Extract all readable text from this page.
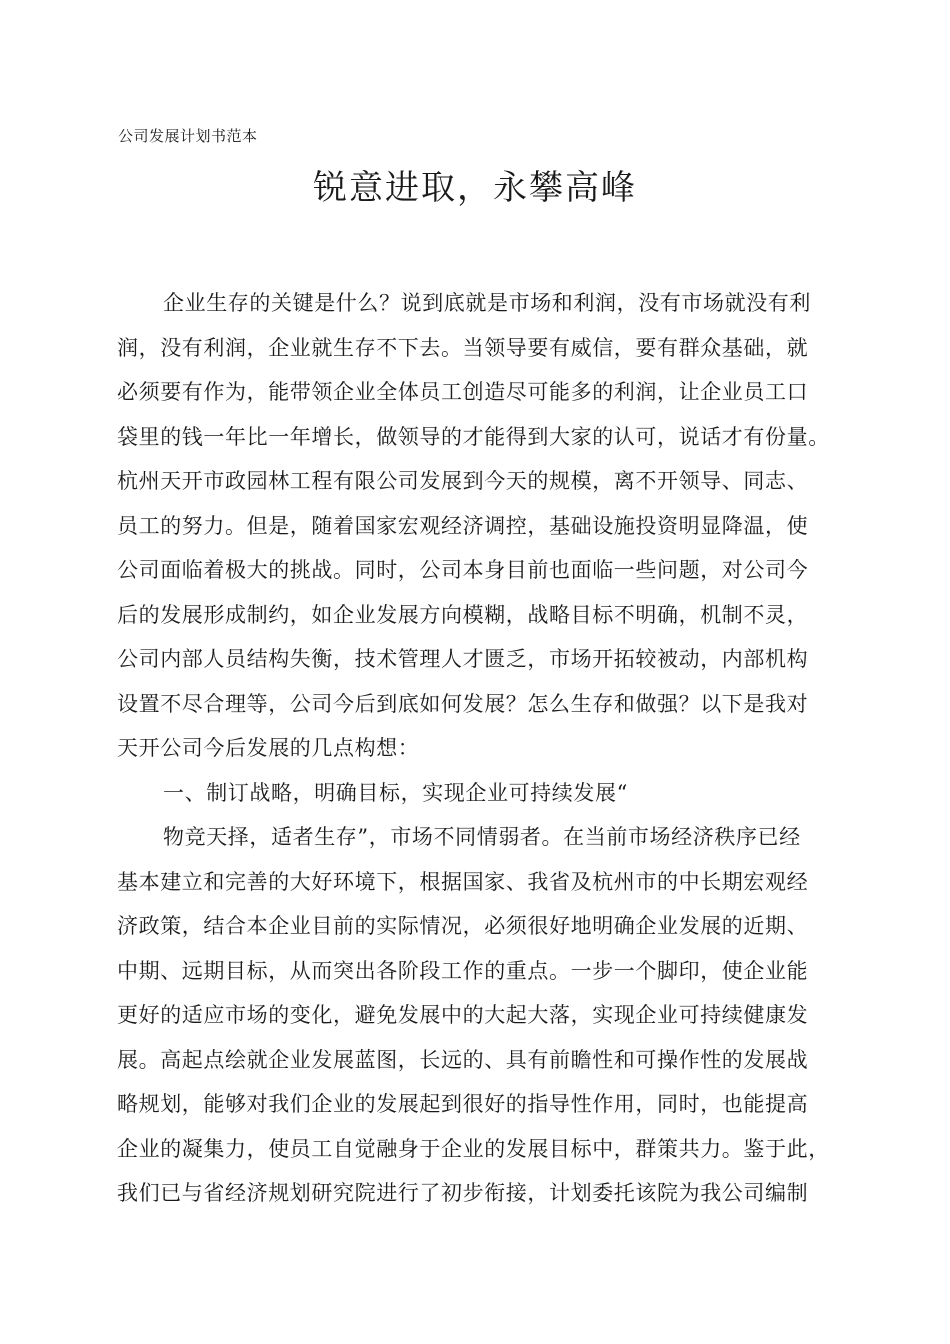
公司发展计划书范本
锐意进取，永攀高峰
企业生存的关键是什么？说到底就是市场和利润，没有市场就没有利
润，没有利润，企业就生存不下去。当领导要有威信，要有群众基础，就
必须要有作为，能带领企业全体员工创造尽可能多的利润，让企业员工口
袋里的钱一年比一年增长，做领导的才能得到大家的认可，说话才有份量。
杭州天开市政园林工程有限公司发展到今天的规模，离不开领导、同志、
员工的努力。但是，随着国家宏观经济调控，基础设施投资明显降温，使
公司面临着极大的挑战。同时，公司本身目前也面临一些问题，对公司今
后的发展形成制约，如企业发展方向模糊，战略目标不明确，机制不灵，
公司内部人员结构失衡，技术管理人才匮乏，市场开拓较被动，内部机构
设置不尽合理等，公司今后到底如何发展？怎么生存和做强？以下是我对
天开公司今后发展的几点构想：
一、制订战略，明确目标，实现企业可持续发展“
物竞天择，适者生存”，市场不同情弱者。在当前市场经济秩序已经
基本建立和完善的大好环境下，根据国家、我省及杭州市的中长期宏观经
济政策，结合本企业目前的实际情况，必须很好地明确企业发展的近期、
中期、远期目标，从而突出各阶段工作的重点。一步一个脚印，使企业能
更好的适应市场的变化，避免发展中的大起大落，实现企业可持续健康发
展。高起点绘就企业发展蓝图，长远的、具有前瞻性和可操作性的发展战
略规划，能够对我们企业的发展起到很好的指导性作用，同时，也能提高
企业的凝集力，使员工自觉融身于企业的发展目标中，群策共力。鉴于此，
我们已与省经济规划研究院进行了初步衔接，计划委托该院为我公司编制
